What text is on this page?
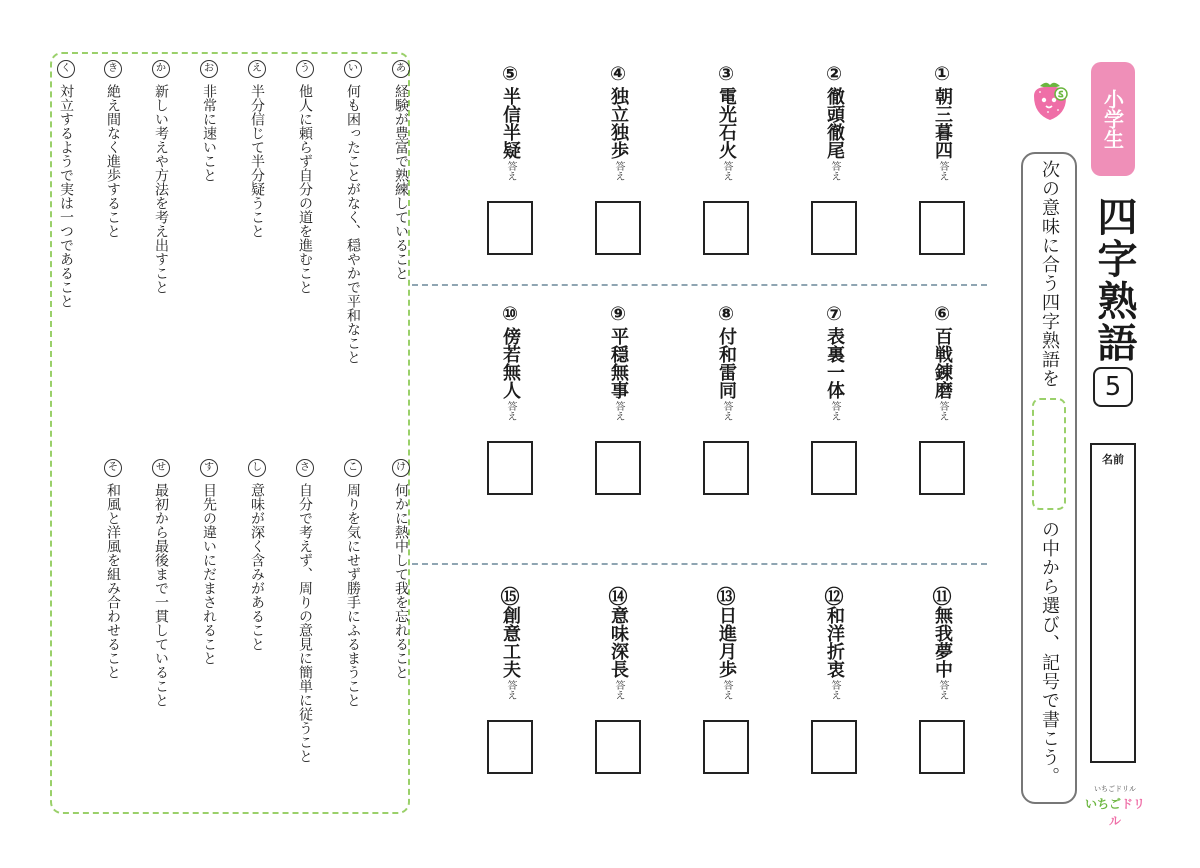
小学生
四字熟語
5
名前
いちごドリル
いちごドリル
次の意味に合う四字熟語を
の中から選び、記号で書こう。
①
朝三暮四
答え
②
徹頭徹尾
答え
③
電光石火
答え
④
独立独歩
答え
⑤
半信半疑
答え
⑥
百戦錬磨
答え
⑦
表裏一体
答え
⑧
付和雷同
答え
⑨
平穏無事
答え
⑩
傍若無人
答え
⑪
無我夢中
答え
⑫
和洋折衷
答え
⑬
日進月歩
答え
⑭
意味深長
答え
⑮
創意工夫
答え
あ
経験が豊富で熟練していること
い
何も困ったことがなく、穏やかで平和なこと
う
他人に頼らず自分の道を進むこと
え
半分信じて半分疑うこと
お
非常に速いこと
か
新しい考えや方法を考え出すこと
き
絶え間なく進歩すること
く
対立するようで実は一つであること
け
何かに熱中して我を忘れること
こ
周りを気にせず勝手にふるまうこと
さ
自分で考えず、周りの意見に簡単に従うこと
し
意味が深く含みがあること
す
目先の違いにだまされること
せ
最初から最後まで一貫していること
そ
和風と洋風を組み合わせること
